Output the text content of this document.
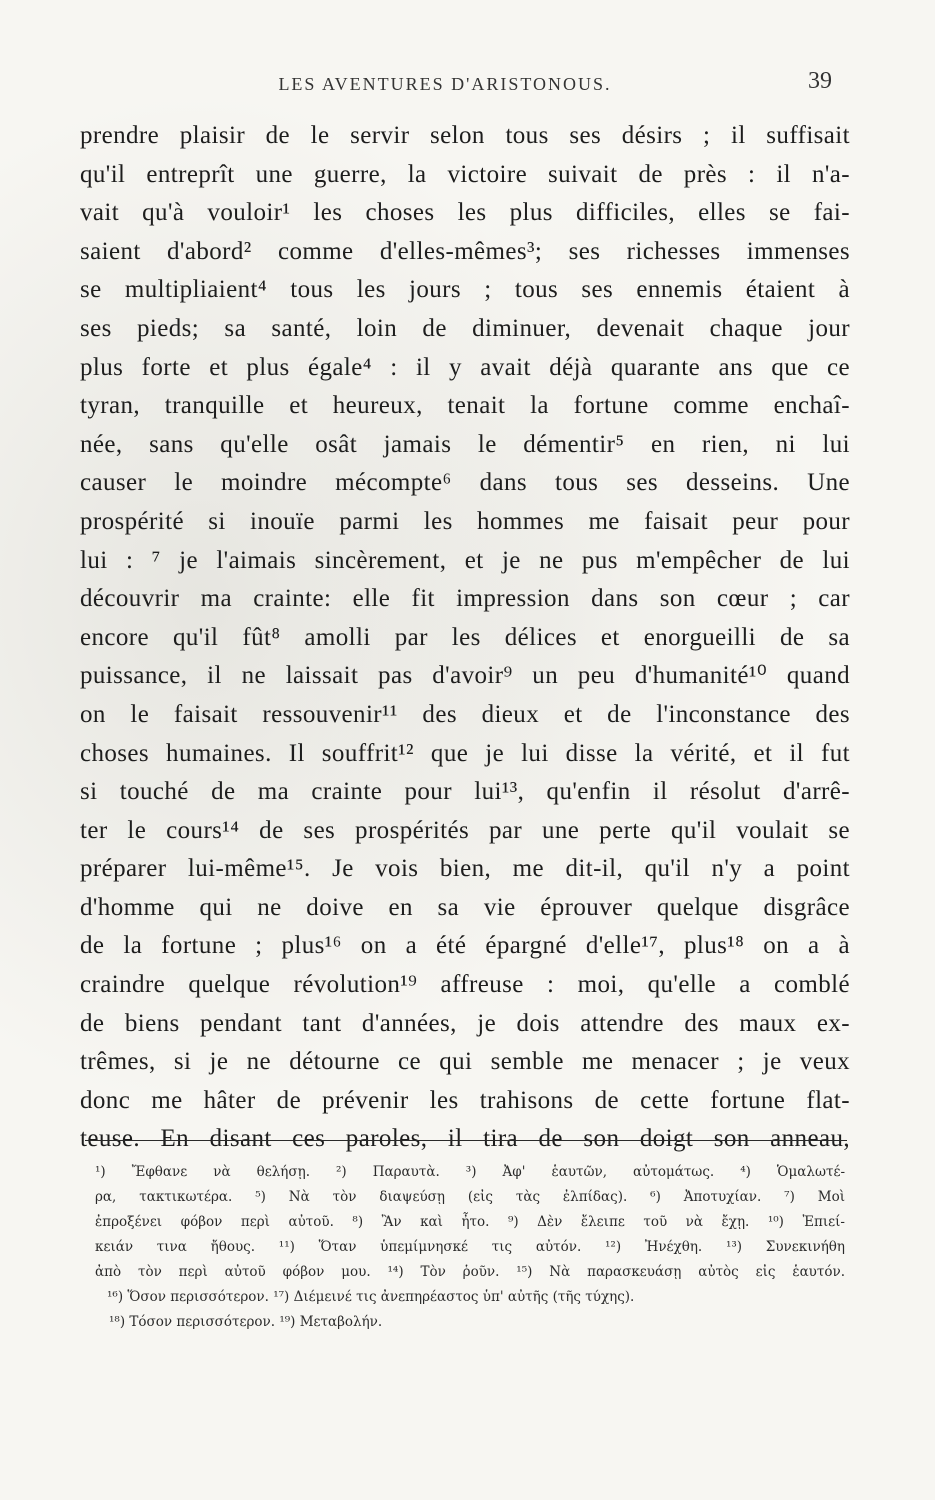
LES AVENTURES D'ARISTONOUS.	39
prendre plaisir de le servir selon tous ses désirs ; il suffisait
qu'il entreprît une guerre, la victoire suivait de près : il n'a-
vait qu'à vouloir¹ les choses les plus difficiles, elles se fai-
saient d'abord² comme d'elles-mêmes³; ses richesses immenses
se multipliaient⁴ tous les jours ; tous ses ennemis étaient à
ses pieds; sa santé, loin de diminuer, devenait chaque jour
plus forte et plus égale⁴ : il y avait déjà quarante ans que ce
tyran, tranquille et heureux, tenait la fortune comme enchaî-
née, sans qu'elle osât jamais le démentir⁵ en rien, ni lui
causer le moindre mécompte⁶ dans tous ses desseins. Une
prospérité si inouïe parmi les hommes me faisait peur pour
lui : ⁷ je l'aimais sincèrement, et je ne pus m'empêcher de lui
découvrir ma crainte: elle fit impression dans son cœur ; car
encore qu'il fût⁸ amolli par les délices et enorgueilli de sa
puissance, il ne laissait pas d'avoir⁹ un peu d'humanité¹⁰ quand
on le faisait ressouvenir¹¹ des dieux et de l'inconstance des
choses humaines. Il souffrit¹² que je lui disse la vérité, et il fut
si touché de ma crainte pour lui¹³, qu'enfin il résolut d'arrê-
ter le cours¹⁴ de ses prospérités par une perte qu'il voulait se
préparer lui-même¹⁵. Je vois bien, me dit-il, qu'il n'y a point
d'homme qui ne doive en sa vie éprouver quelque disgrâce
de la fortune ; plus¹⁶ on a été épargné d'elle¹⁷, plus¹⁸ on a à
craindre quelque révolution¹⁹ affreuse : moi, qu'elle a comblé
de biens pendant tant d'années, je dois attendre des maux ex-
trêmes, si je ne détourne ce qui semble me menacer ; je veux
donc me hâter de prévenir les trahisons de cette fortune flat-
teuse. En disant ces paroles, il tira de son doigt son anneau,
¹) Ἔφθανε νὰ θελήσῃ. ²) Παραυτὰ. ³) Ἀφ' ἑαυτῶν, αὐτομάτως. ⁴) Ὁμαλωτέ-
ρα, τακτικωτέρα. ⁵) Νὰ τὸν διαψεύσῃ (εἰς τὰς ἐλπίδας). ⁶) Ἀποτυχίαν. ⁷) Μοὶ
ἐπροξένει φόβον περὶ αὐτοῦ. ⁸) Ἂν καὶ ἦτο. ⁹) Δὲν ἔλειπε τοῦ νὰ ἔχῃ. ¹⁰) Ἐπιεί-
κειάν τινα ἤθους. ¹¹) Ὅταν ὑπεμίμνησκέ τις αὐτόν. ¹²) Ἠνέχθη. ¹³) Συνεκινήθη
ἀπὸ τὸν περὶ αὐτοῦ φόβον μου. ¹⁴) Τὸν ῥοῦν. ¹⁵) Νὰ παρασκευάσῃ αὐτὸς εἰς ἑαυτόν.
¹⁶) Ὅσον περισσότερον. ¹⁷) Διέμεινέ τις ἀνεπηρέαστος ὑπ' αὐτῆς (τῆς τύχης).
¹⁸) Τόσον περισσότερον. ¹⁹) Μεταβολήν.
